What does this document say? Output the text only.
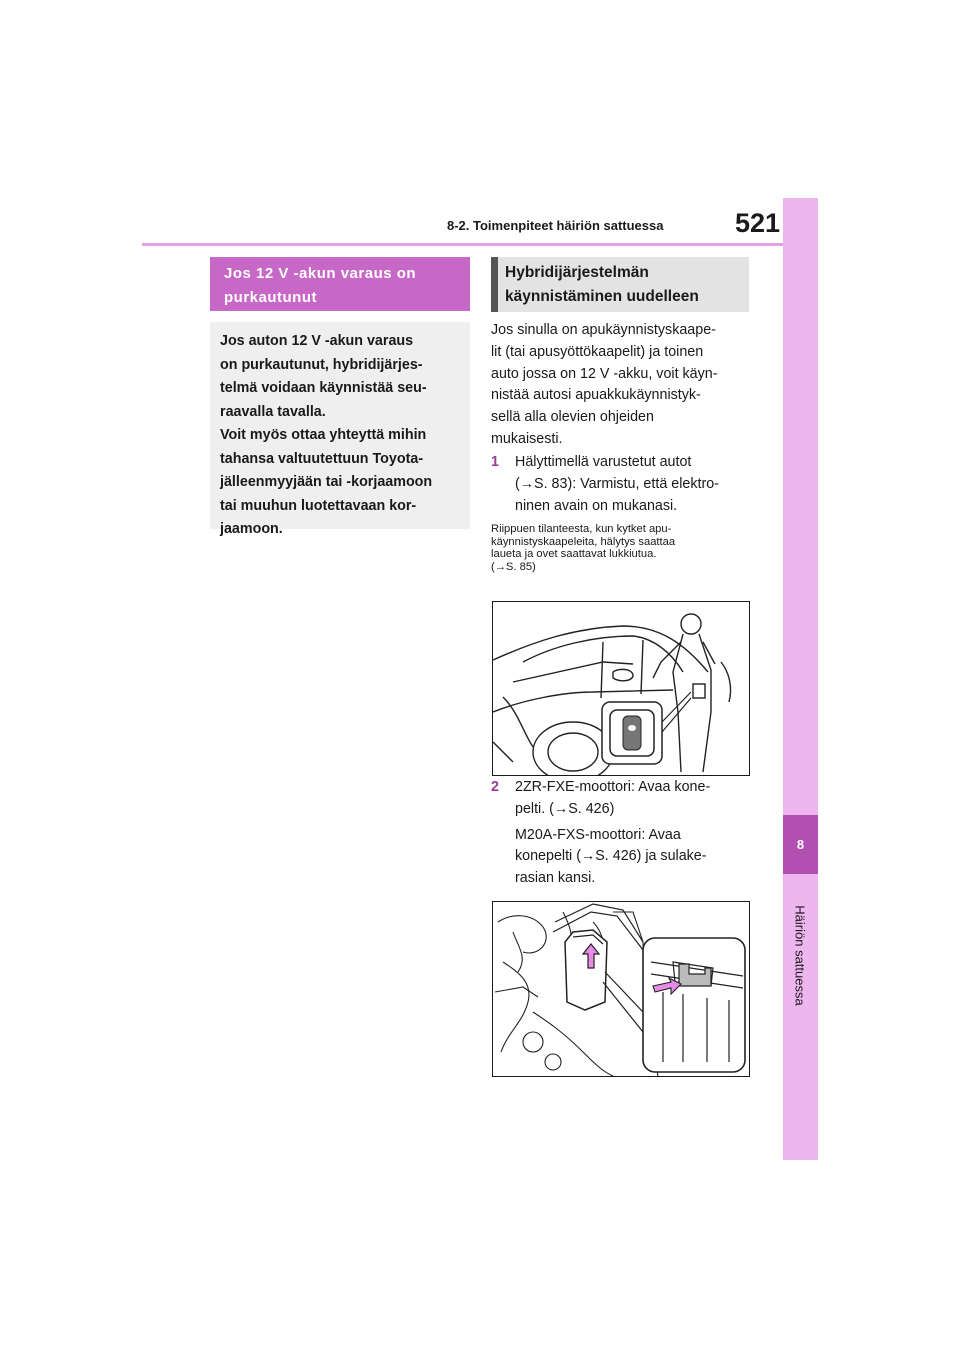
8
Häiriön sattuessa
8-2. Toimenpiteet häiriön sattuessa	521
Jos 12 V -akun varaus on
purkautunut
Jos auton 12 V -akun varaus
on purkautunut, hybridijärjes-
telmä voidaan käynnistää seu-
raavalla tavalla.
Voit myös ottaa yhteyttä mihin
tahansa valtuutettuun Toyota-
jälleenmyyjään tai -korjaamoon
tai muuhun luotettavaan kor-
jaamoon.
Hybridijärjestelmän
käynnistäminen uudelleen
Jos sinulla on apukäynnistyskaape-
lit (tai apusyöttökaapelit) ja toinen
auto jossa on 12 V -akku, voit käyn-
nistää autosi apuakkukäynnistyk-
sellä alla olevien ohjeiden
mukaisesti.
1 Hälyttimellä varustetut autot
(→S. 83): Varmistu, että elektro-
ninen avain on mukanasi.
Riippuen tilanteesta, kun kytket apu-
käynnistyskaapeleita, hälytys saattaa
laueta ja ovet saattavat lukkiutua.
(→S. 85)
2 2ZR-FXE-moottori: Avaa kone-
pelti. (→S. 426)
M20A-FXS-moottori: Avaa
konepelti (→S. 426) ja sulake-
rasian kansi.
